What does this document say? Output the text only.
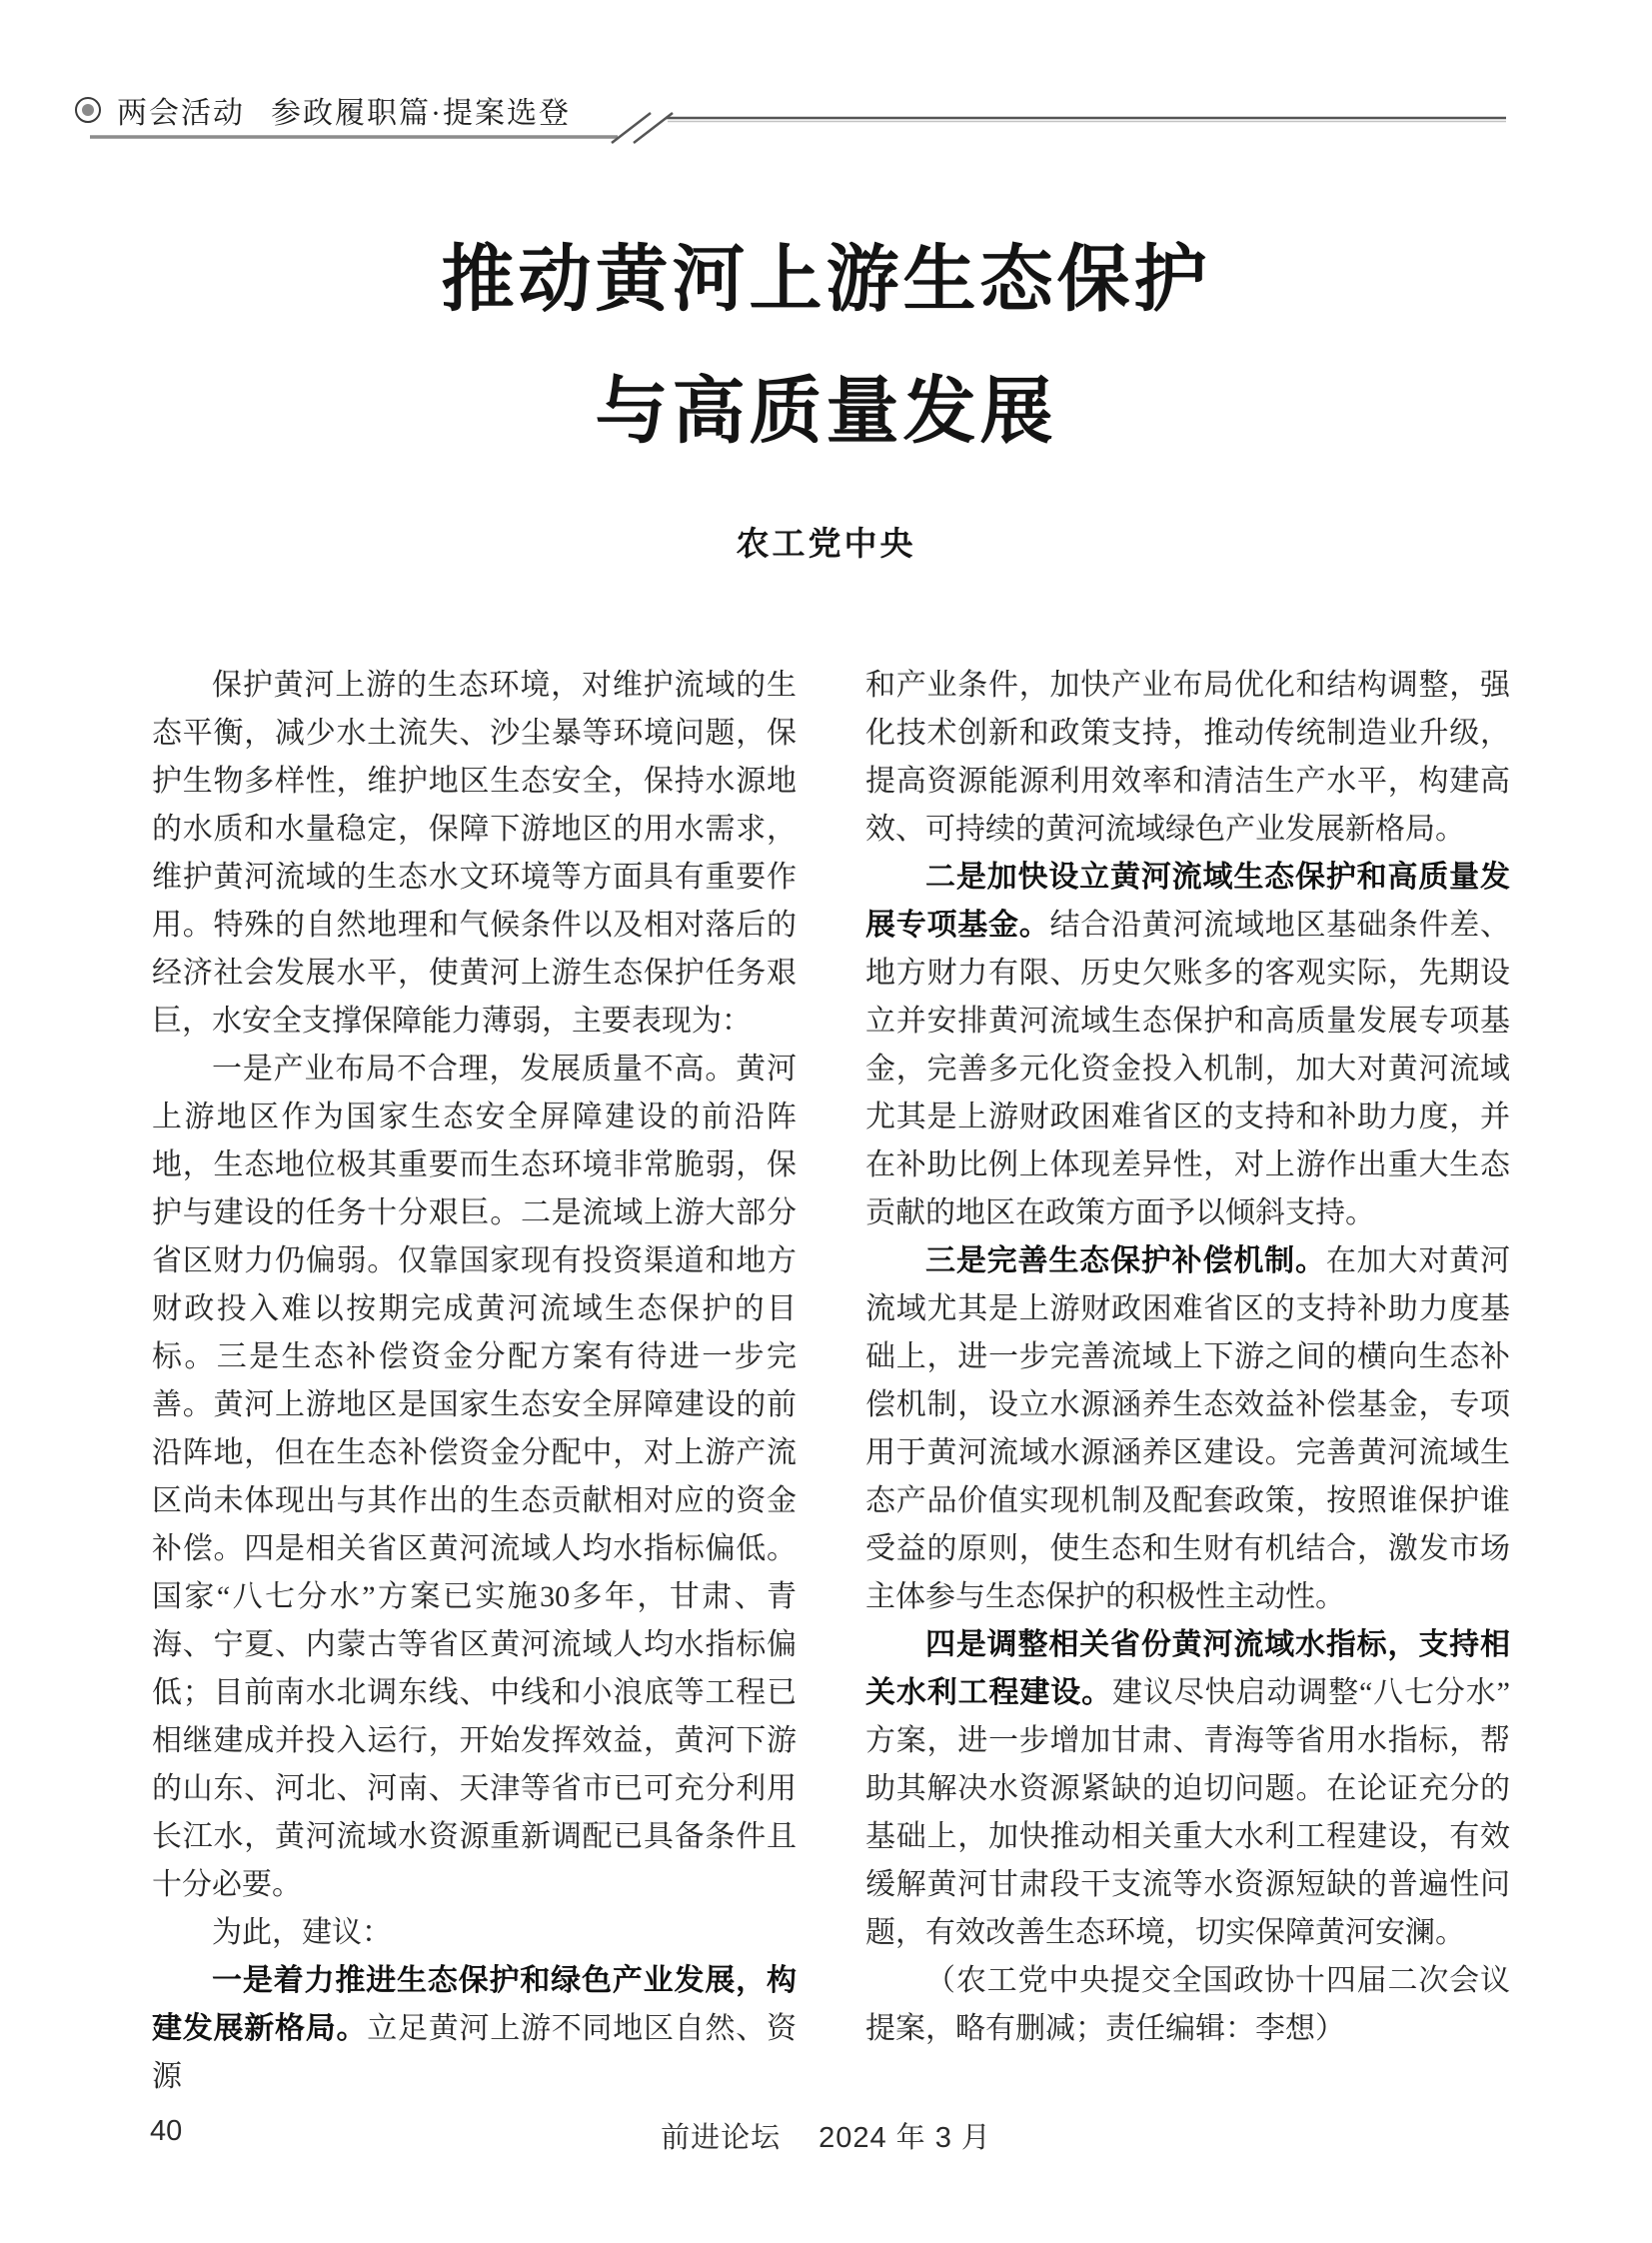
两会活动 参政履职篇·提案选登
推动黄河上游生态保护
与高质量发展
农工党中央

保护黄河上游的生态环境，对维护流域的生态平衡，减少水土流失、沙尘暴等环境问题，保护生物多样性，维护地区生态安全，保持水源地的水质和水量稳定，保障下游地区的用水需求，维护黄河流域的生态水文环境等方面具有重要作用。特殊的自然地理和气候条件以及相对落后的经济社会发展水平，使黄河上游生态保护任务艰巨，水安全支撑保障能力薄弱，主要表现为：

一是产业布局不合理，发展质量不高。黄河上游地区作为国家生态安全屏障建设的前沿阵地，生态地位极其重要而生态环境非常脆弱，保护与建设的任务十分艰巨。二是流域上游大部分省区财力仍偏弱。仅靠国家现有投资渠道和地方财政投入难以按期完成黄河流域生态保护的目标。三是生态补偿资金分配方案有待进一步完善。黄河上游地区是国家生态安全屏障建设的前沿阵地，但在生态补偿资金分配中，对上游产流区尚未体现出与其作出的生态贡献相对应的资金补偿。四是相关省区黄河流域人均水指标偏低。国家“八七分水”方案已实施30多年，甘肃、青海、宁夏、内蒙古等省区黄河流域人均水指标偏低；目前南水北调东线、中线和小浪底等工程已相继建成并投入运行，开始发挥效益，黄河下游的山东、河北、河南、天津等省市已可充分利用长江水，黄河流域水资源重新调配已具备条件且十分必要。

为此，建议：

一是着力推进生态保护和绿色产业发展，构建发展新格局。立足黄河上游不同地区自然、资源

和产业条件，加快产业布局优化和结构调整，强化技术创新和政策支持，推动传统制造业升级，提高资源能源利用效率和清洁生产水平，构建高效、可持续的黄河流域绿色产业发展新格局。

二是加快设立黄河流域生态保护和高质量发展专项基金。结合沿黄河流域地区基础条件差、地方财力有限、历史欠账多的客观实际，先期设立并安排黄河流域生态保护和高质量发展专项基金，完善多元化资金投入机制，加大对黄河流域尤其是上游财政困难省区的支持和补助力度，并在补助比例上体现差异性，对上游作出重大生态贡献的地区在政策方面予以倾斜支持。

三是完善生态保护补偿机制。在加大对黄河流域尤其是上游财政困难省区的支持补助力度基础上，进一步完善流域上下游之间的横向生态补偿机制，设立水源涵养生态效益补偿基金，专项用于黄河流域水源涵养区建设。完善黄河流域生态产品价值实现机制及配套政策，按照谁保护谁受益的原则，使生态和生财有机结合，激发市场主体参与生态保护的积极性主动性。

四是调整相关省份黄河流域水指标，支持相关水利工程建设。建议尽快启动调整“八七分水”方案，进一步增加甘肃、青海等省用水指标，帮助其解决水资源紧缺的迫切问题。在论证充分的基础上，加快推动相关重大水利工程建设，有效缓解黄河甘肃段干支流等水资源短缺的普遍性问题，有效改善生态环境，切实保障黄河安澜。

（农工党中央提交全国政协十四届二次会议提案，略有删减；责任编辑：李想）

40	前进论坛 2024 年 3 月
